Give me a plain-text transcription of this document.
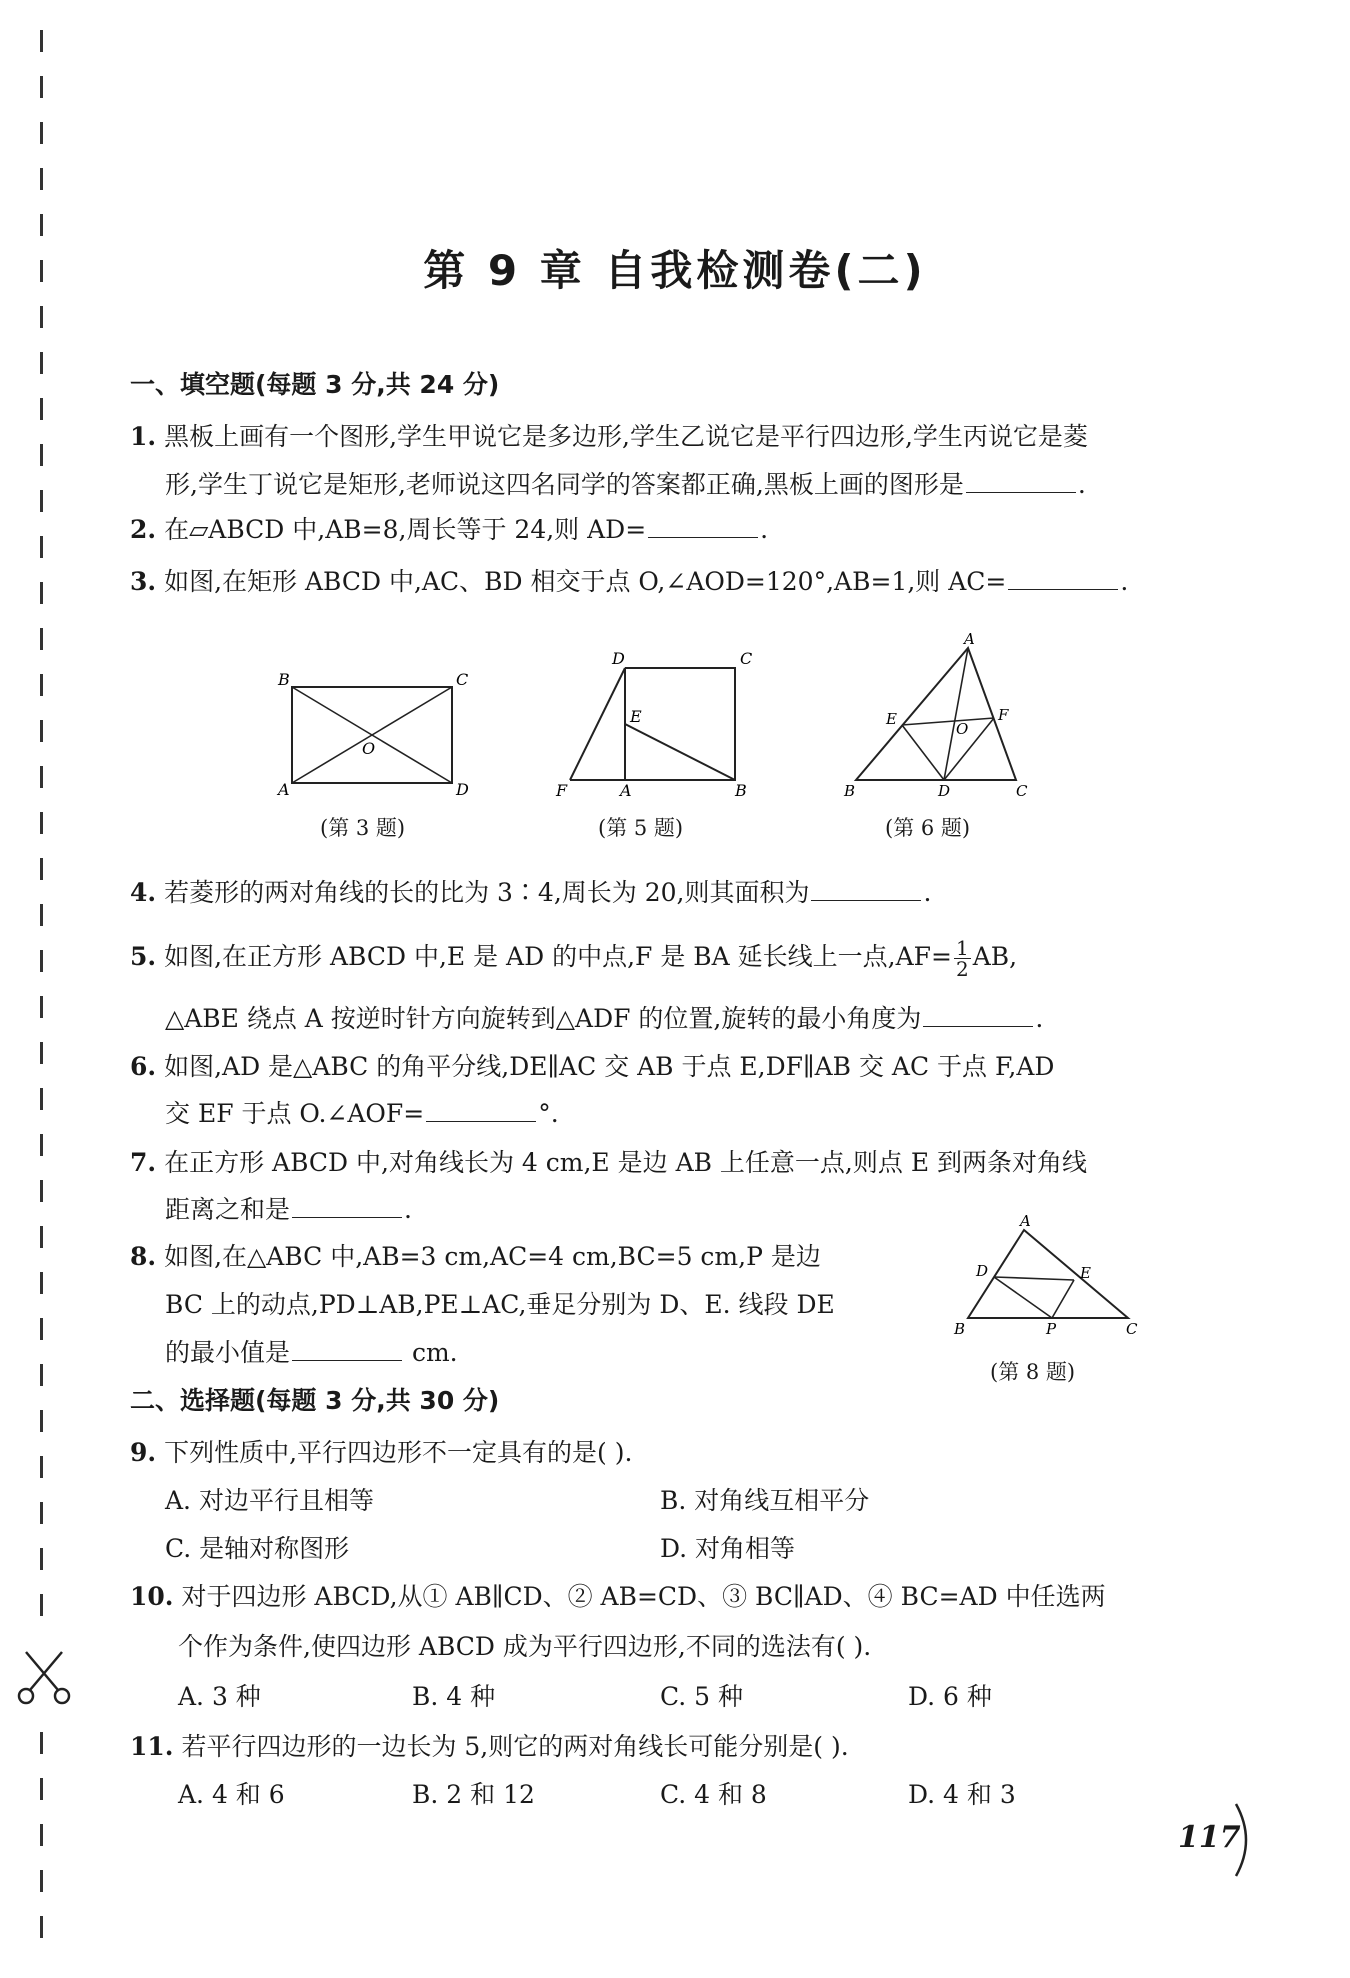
第 9 章 自我检测卷(二)
一、填空题(每题 3 分,共 24 分)
1. 黑板上画有一个图形,学生甲说它是多边形,学生乙说它是平行四边形,学生丙说它是菱
形,学生丁说它是矩形,老师说这四名同学的答案都正确,黑板上画的图形是	.
2. 在▱ABCD 中,AB=8,周长等于 24,则 AD=	.
3. 如图,在矩形 ABCD 中,AC、BD 相交于点 O,∠AOD=120°,AB=1,则 AC=	.
B	C
A	D
O
(第 3 题)
D	C
E
F	A	B
(第 5 题)
A
E	F
O
B	D	C
(第 6 题)
4. 若菱形的两对角线的长的比为 3∶4,周长为 20,则其面积为	.
5. 如图,在正方形 ABCD 中,E 是 AD 的中点,F 是 BA 延长线上一点$,AF= \frac{1}{2}$ AB,
△ABE 绕点 A 按逆时针方向旋转到△ADF 的位置,旋转的最小角度为	.
6. 如图,AD 是△ABC 的角平分线,DE∥AC 交 AB 于点 E,DF∥AB 交 AC 于点 F,AD
交 EF 于点 O.∠AOF=	°.
7. 在正方形 ABCD 中,对角线长为 4 cm,E 是边 AB 上任意一点,则点 E 到两条对角线
距离之和是	.
8. 如图,在△ABC 中,AB=3 cm,AC=4 cm,BC=5 cm,P 是边
BC 上的动点,PD⊥AB,PE⊥AC,垂足分别为 D、E. 线段 DE
的最小值是	cm.
A
D	E
B	P	C
(第 8 题)
二、选择题(每题 3 分,共 30 分)
9. 下列性质中,平行四边形不一定具有的是( ).
A. 对边平行且相等	B. 对角线互相平分
C. 是轴对称图形	D. 对角相等
10. 对于四边形 ABCD,从① AB∥CD、② AB=CD、③ BC∥AD、④ BC=AD 中任选两
个作为条件,使四边形 ABCD 成为平行四边形,不同的选法有( ).
A. 3 种	B. 4 种	C. 5 种	D. 6 种
11. 若平行四边形的一边长为 5,则它的两对角线长可能分别是( ).
A. 4 和 6	B. 2 和 12	C. 4 和 8	D. 4 和 3
117
